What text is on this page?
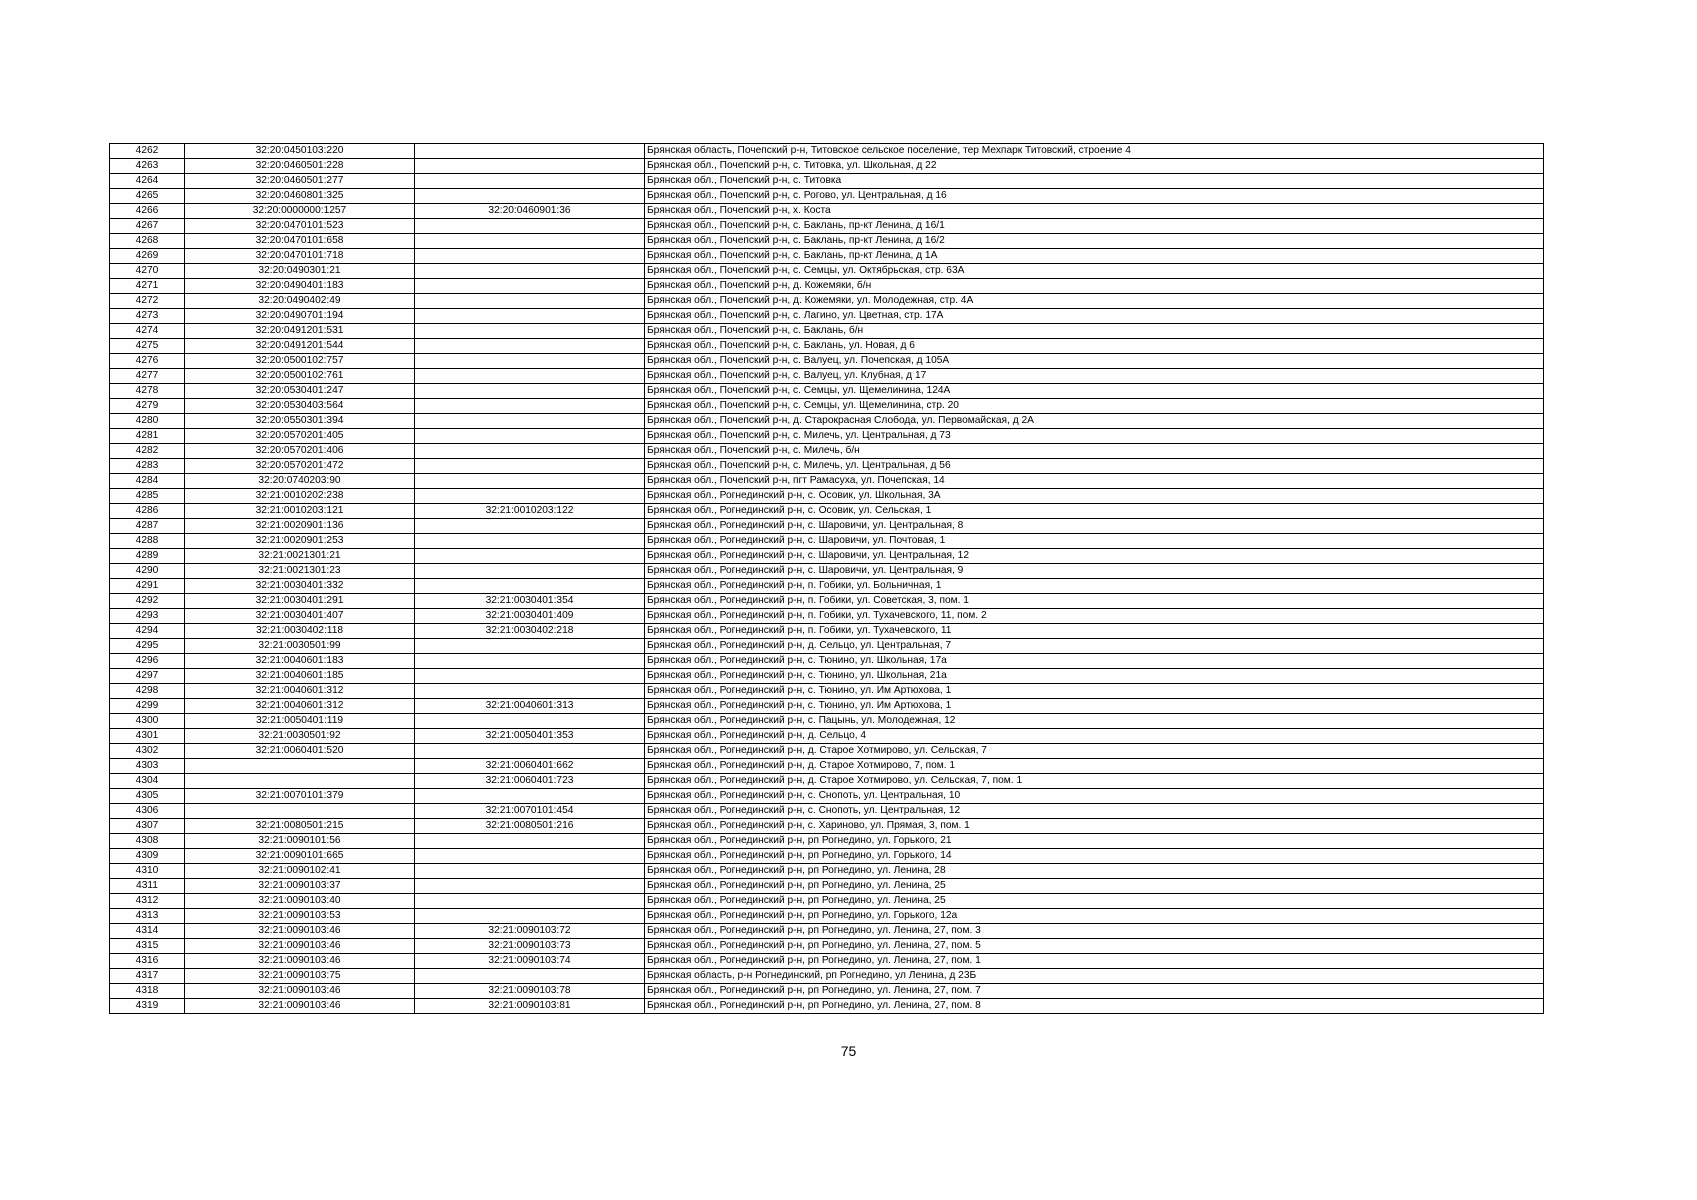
4262	32:20:0450103:220		Брянская область, Почепский р-н, Титовское сельское поселение, тер Мехпарк Титовский, строение 4
4263	32:20:0460501:228		Брянская обл., Почепский р-н, с. Титовка, ул. Школьная, д 22
4264	32:20:0460501:277		Брянская обл., Почепский р-н, с. Титовка
4265	32:20:0460801:325		Брянская обл., Почепский р-н, с. Рогово, ул. Центральная, д 16
4266	32:20:0000000:1257	32:20:0460901:36	Брянская обл., Почепский р-н, х. Коста
4267	32:20:0470101:523		Брянская обл., Почепский р-н, с. Баклань, пр-кт Ленина, д 16/1
4268	32:20:0470101:658		Брянская обл., Почепский р-н, с. Баклань, пр-кт Ленина, д 16/2
4269	32:20:0470101:718		Брянская обл., Почепский р-н, с. Баклань, пр-кт Ленина, д 1А
4270	32:20:0490301:21		Брянская обл., Почепский р-н, с. Семцы, ул. Октябрьская, стр. 63А
4271	32:20:0490401:183		Брянская обл., Почепский р-н, д. Кожемяки, б/н
4272	32:20:0490402:49		Брянская обл., Почепский р-н, д. Кожемяки, ул. Молодежная, стр. 4А
4273	32:20:0490701:194		Брянская обл., Почепский р-н, с. Лагино, ул. Цветная, стр. 17А
4274	32:20:0491201:531		Брянская обл., Почепский р-н, с. Баклань, б/н
4275	32:20:0491201:544		Брянская обл., Почепский р-н, с. Баклань, ул. Новая, д 6
4276	32:20:0500102:757		Брянская обл., Почепский р-н, с. Валуец, ул. Почепская, д 105А
4277	32:20:0500102:761		Брянская обл., Почепский р-н, с. Валуец, ул. Клубная, д 17
4278	32:20:0530401:247		Брянская обл., Почепский р-н, с. Семцы, ул. Щемелинина, 124А
4279	32:20:0530403:564		Брянская обл., Почепский р-н, с. Семцы, ул. Щемелинина, стр. 20
4280	32:20:0550301:394		Брянская обл., Почепский р-н, д. Старокрасная Слобода, ул. Первомайская, д 2А
4281	32:20:0570201:405		Брянская обл., Почепский р-н, с. Милечь, ул. Центральная, д 73
4282	32:20:0570201:406		Брянская обл., Почепский р-н, с. Милечь, б/н
4283	32:20:0570201:472		Брянская обл., Почепский р-н, с. Милечь, ул. Центральная, д 56
4284	32:20:0740203:90		Брянская обл., Почепский р-н, пгт Рамасуха, ул. Почепская, 14
4285	32:21:0010202:238		Брянская обл., Рогнединский р-н, с. Осовик, ул. Школьная, 3А
4286	32:21:0010203:121	32:21:0010203:122	Брянская обл., Рогнединский р-н, с. Осовик, ул. Сельская, 1
4287	32:21:0020901:136		Брянская обл., Рогнединский р-н, с. Шаровичи, ул. Центральная, 8
4288	32:21:0020901:253		Брянская обл., Рогнединский р-н, с. Шаровичи, ул. Почтовая, 1
4289	32:21:0021301:21		Брянская обл., Рогнединский р-н, с. Шаровичи, ул. Центральная, 12
4290	32:21:0021301:23		Брянская обл., Рогнединский р-н, с. Шаровичи, ул. Центральная, 9
4291	32:21:0030401:332		Брянская обл., Рогнединский р-н, п. Гобики, ул. Больничная, 1
4292	32:21:0030401:291	32:21:0030401:354	Брянская обл., Рогнединский р-н, п. Гобики, ул. Советская, 3, пом. 1
4293	32:21:0030401:407	32:21:0030401:409	Брянская обл., Рогнединский р-н, п. Гобики, ул. Тухачевского, 11, пом. 2
4294	32:21:0030402:118	32:21:0030402:218	Брянская обл., Рогнединский р-н, п. Гобики, ул. Тухачевского, 11
4295	32:21:0030501:99		Брянская обл., Рогнединский р-н, д. Сельцо, ул. Центральная, 7
4296	32:21:0040601:183		Брянская обл., Рогнединский р-н, с. Тюнино, ул. Школьная, 17а
4297	32:21:0040601:185		Брянская обл., Рогнединский р-н, с. Тюнино, ул. Школьная, 21а
4298	32:21:0040601:312		Брянская обл., Рогнединский р-н, с. Тюнино, ул. Им Артюхова, 1
4299	32:21:0040601:312	32:21:0040601:313	Брянская обл., Рогнединский р-н, с. Тюнино, ул. Им Артюхова, 1
4300	32:21:0050401:119		Брянская обл., Рогнединский р-н, с. Пацынь, ул. Молодежная, 12
4301	32:21:0030501:92	32:21:0050401:353	Брянская обл., Рогнединский р-н, д. Сельцо, 4
4302	32:21:0060401:520		Брянская обл., Рогнединский р-н, д. Старое Хотмирово, ул. Сельская, 7
4303		32:21:0060401:662	Брянская обл., Рогнединский р-н, д. Старое Хотмирово, 7, пом. 1
4304		32:21:0060401:723	Брянская обл., Рогнединский р-н, д. Старое Хотмирово, ул. Сельская, 7, пом. 1
4305	32:21:0070101:379		Брянская обл., Рогнединский р-н, с. Снопоть, ул. Центральная, 10
4306		32:21:0070101:454	Брянская обл., Рогнединский р-н, с. Снопоть, ул. Центральная, 12
4307	32:21:0080501:215	32:21:0080501:216	Брянская обл., Рогнединский р-н, с. Хариново, ул. Прямая, 3, пом. 1
4308	32:21:0090101:56		Брянская обл., Рогнединский р-н, рп Рогнедино, ул. Горького, 21
4309	32:21:0090101:665		Брянская обл., Рогнединский р-н, рп Рогнедино, ул. Горького, 14
4310	32:21:0090102:41		Брянская обл., Рогнединский р-н, рп Рогнедино, ул. Ленина, 28
4311	32:21:0090103:37		Брянская обл., Рогнединский р-н, рп Рогнедино, ул. Ленина, 25
4312	32:21:0090103:40		Брянская обл., Рогнединский р-н, рп Рогнедино, ул. Ленина, 25
4313	32:21:0090103:53		Брянская обл., Рогнединский р-н, рп Рогнедино, ул. Горького, 12а
4314	32:21:0090103:46	32:21:0090103:72	Брянская обл., Рогнединский р-н, рп Рогнедино, ул. Ленина, 27, пом. 3
4315	32:21:0090103:46	32:21:0090103:73	Брянская обл., Рогнединский р-н, рп Рогнедино, ул. Ленина, 27, пом. 5
4316	32:21:0090103:46	32:21:0090103:74	Брянская обл., Рогнединский р-н, рп Рогнедино, ул. Ленина, 27, пом. 1
4317	32:21:0090103:75		Брянская область, р-н Рогнединский, рп Рогнедино, ул Ленина, д 23Б
4318	32:21:0090103:46	32:21:0090103:78	Брянская обл., Рогнединский р-н, рп Рогнедино, ул. Ленина, 27, пом. 7
4319	32:21:0090103:46	32:21:0090103:81	Брянская обл., Рогнединский р-н, рп Рогнедино, ул. Ленина, 27, пом. 8
75
